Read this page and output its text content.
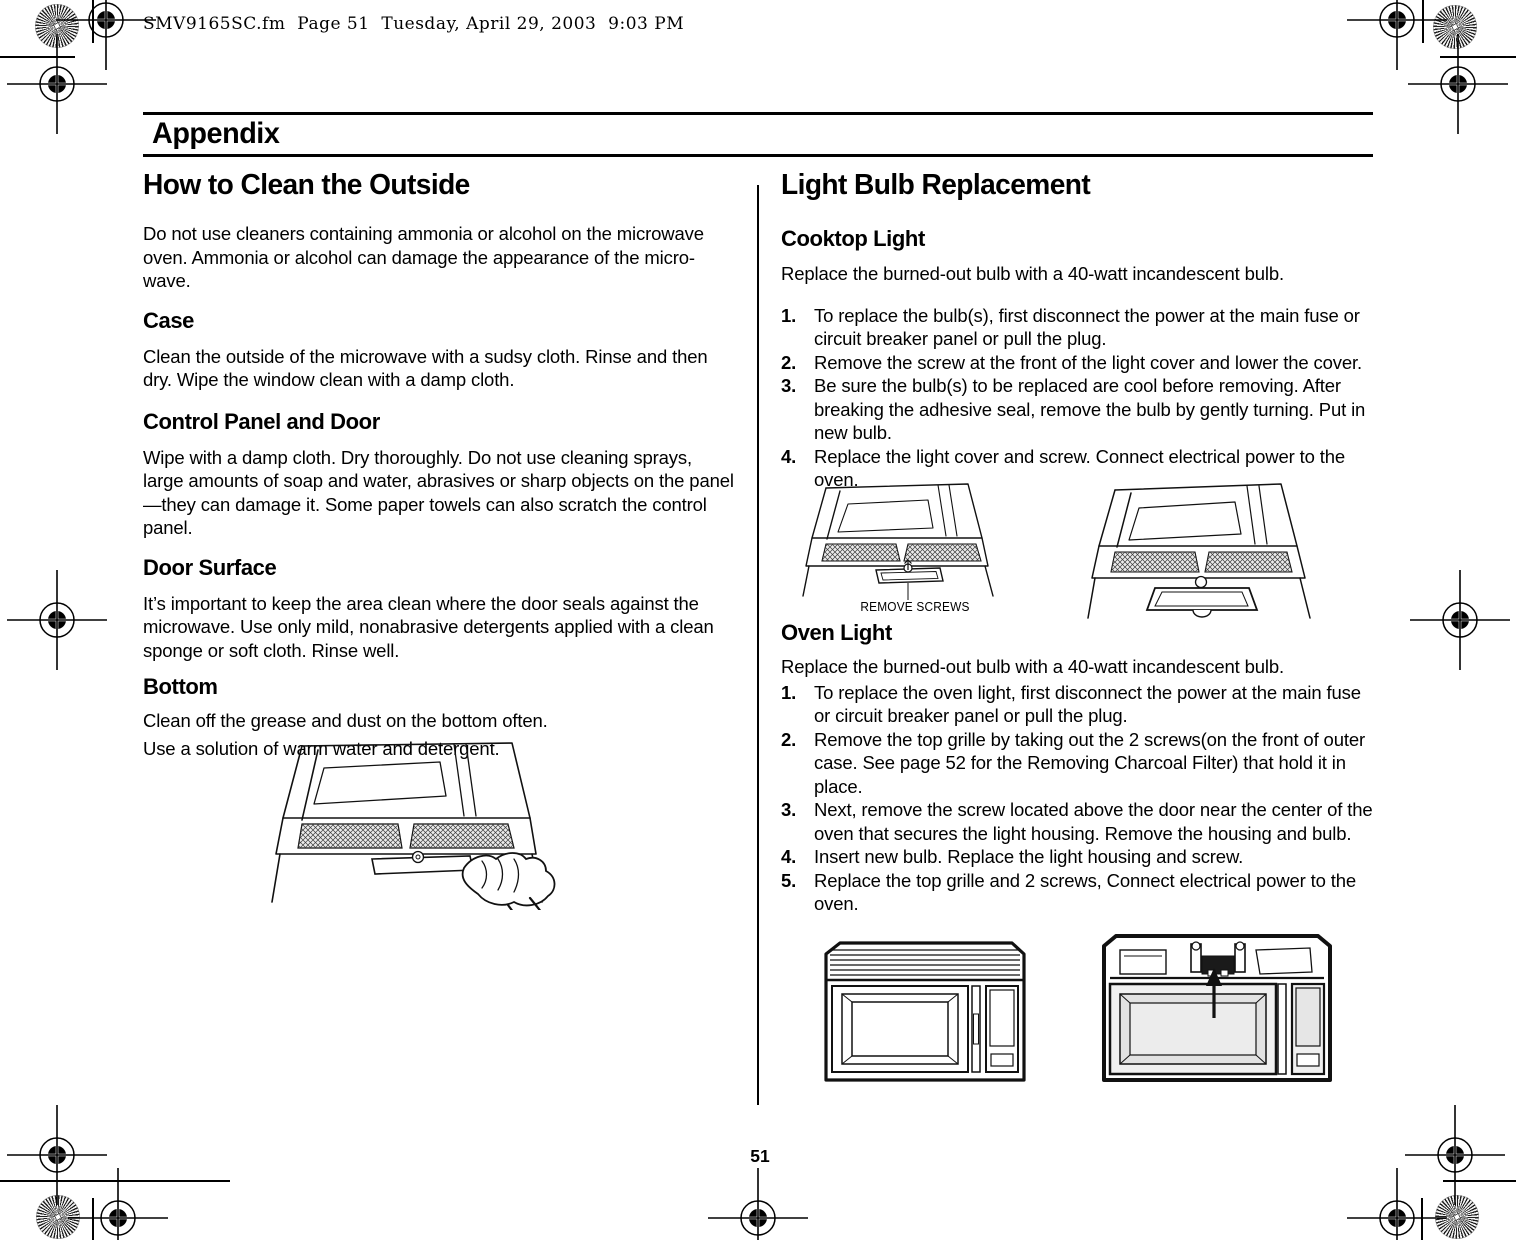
SMV9165SC.fm  Page 51  Tuesday, April 29, 2003  9:03 PM
Appendix
How to Clean the Outside

Do not use cleaners containing ammonia or alcohol on the microwave oven. Ammonia or alcohol can damage the appearance of the micro-wave.

Case

Clean the outside of the microwave with a sudsy cloth. Rinse and then dry. Wipe the window clean with a damp cloth.

Control Panel and Door

Wipe with a damp cloth. Dry thoroughly. Do not use cleaning sprays, large amounts of soap and water, abrasives or sharp objects on the panel—they can damage it. Some paper towels can also scratch the control panel.

Door Surface

It’s important to keep the area clean where the door seals against the microwave. Use only mild, nonabrasive detergents applied with a clean sponge or soft cloth. Rinse well.

Bottom

Clean off the grease and dust on the bottom often.

Use a solution of warm water and detergent.

Light Bulb Replacement
Cooktop Light

Replace the burned-out bulb with a 40-watt incandescent bulb.

1. To replace the bulb(s), first disconnect the power at the main fuse or circuit breaker panel or pull the plug.
2. Remove the screw at the front of the light cover and lower the cover.
3. Be sure the bulb(s) to be replaced are cool before removing. After breaking the adhesive seal, remove the bulb by gently turning. Put in new bulb.
4. Replace the light cover and screw. Connect electrical power to the oven.
Oven Light

Replace the burned-out bulb with a 40-watt incandescent bulb.

1. To replace the oven light, first disconnect the power at the main fuse or circuit breaker panel or pull the plug.
2. Remove the top grille by taking out the 2 screws(on the front of outer case. See page 52 for the Removing Charcoal Filter) that hold it in place.
3. Next, remove the screw located above the door near the center of the oven that secures the light housing. Remove the housing and bulb.
4. Insert new bulb. Replace the light housing and screw.
5. Replace the top grille and 2 screws, Connect electrical power to the oven.
REMOVE SCREWS
51
